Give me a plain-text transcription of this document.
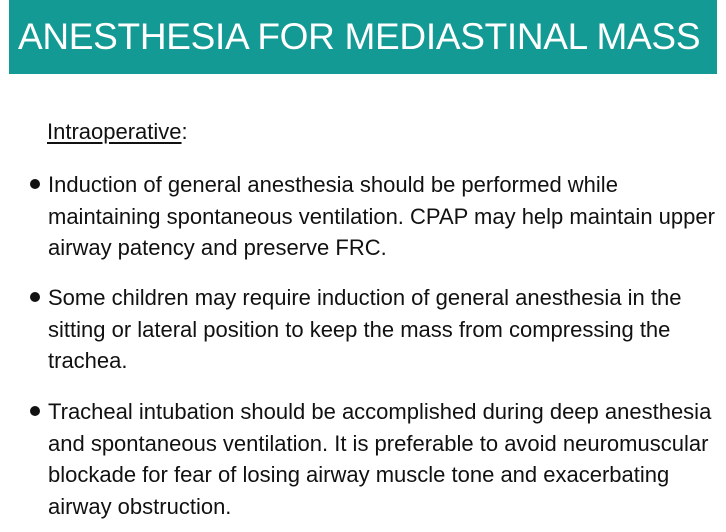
ANESTHESIA FOR MEDIASTINAL MASS
Intraoperative:
Induction of general anesthesia should be performed while maintaining spontaneous ventilation. CPAP may help maintain upper airway patency and preserve FRC.
Some children may require induction of general anesthesia in the sitting or lateral position to keep the mass from compressing the trachea.
Tracheal intubation should be accomplished during deep anesthesia and spontaneous ventilation. It is preferable to avoid neuromuscular blockade for fear of losing airway muscle tone and exacerbating airway obstruction.
